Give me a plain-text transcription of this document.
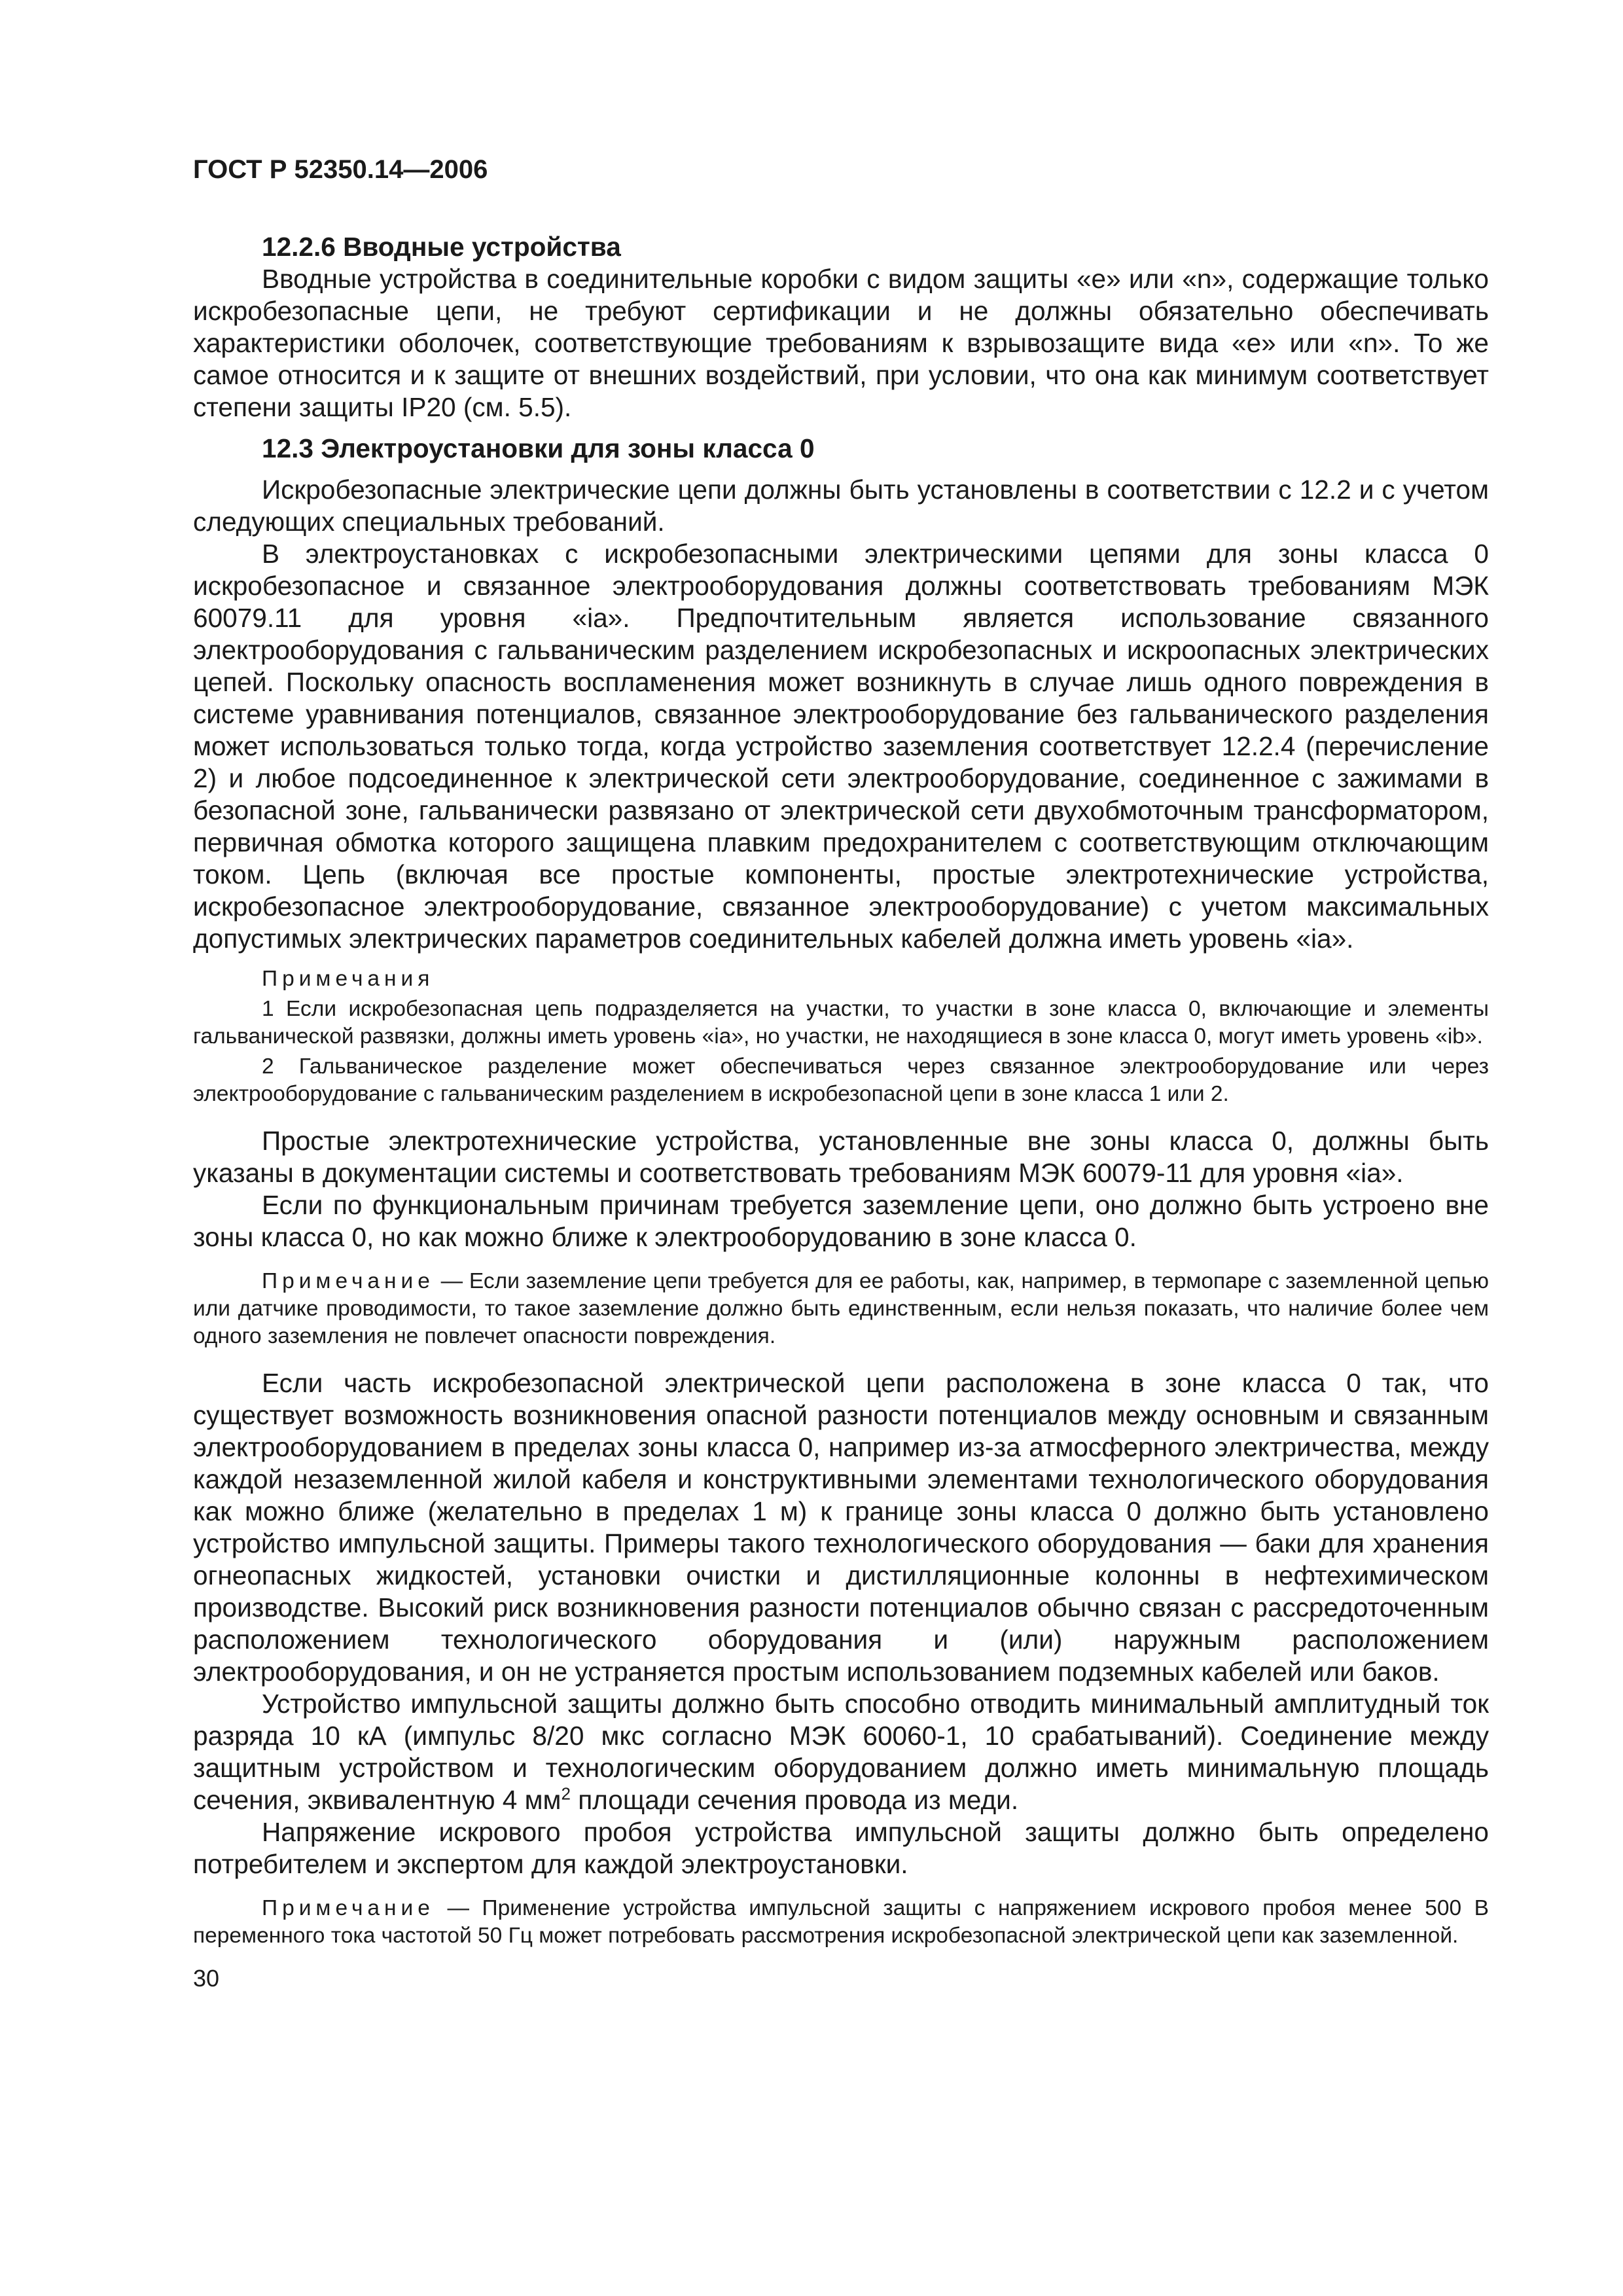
ГОСТ Р 52350.14—2006

12.2.6 Вводные устройства

Вводные устройства в соединительные коробки с видом защиты «е» или «n», содержащие только искробезопасные цепи, не требуют сертификации и не должны обязательно обеспечивать характеристики оболочек, соответствующие требованиям к взрывозащите вида «е» или «n». То же самое относится и к защите от внешних воздействий, при условии, что она как минимум соответствует степени защиты IP20 (см. 5.5).

12.3 Электроустановки для зоны класса 0

Искробезопасные электрические цепи должны быть установлены в соответствии с 12.2 и с учетом следующих специальных требований.

В электроустановках с искробезопасными электрическими цепями для зоны класса 0 искробезопасное и связанное электрооборудования должны соответствовать требованиям МЭК 60079.11 для уровня «ia». Предпочтительным является использование связанного электрооборудования с гальваническим разделением искробезопасных и искроопасных электрических цепей. Поскольку опасность воспламенения может возникнуть в случае лишь одного повреждения в системе уравнивания потенциалов, связанное электрооборудование без гальванического разделения может использоваться только тогда, когда устройство заземления соответствует 12.2.4 (перечисление 2) и любое подсоединенное к электрической сети электрооборудование, соединенное с зажимами в безопасной зоне, гальванически развязано от электрической сети двухобмоточным трансформатором, первичная обмотка которого защищена плавким предохранителем с соответствующим отключающим током. Цепь (включая все простые компоненты, простые электротехнические устройства, искробезопасное электрооборудование, связанное электрооборудование) с учетом максимальных допустимых электрических параметров соединительных кабелей должна иметь уровень «ia».

Примечания

1 Если искробезопасная цепь подразделяется на участки, то участки в зоне класса 0, включающие и элементы гальванической развязки, должны иметь уровень «ia», но участки, не находящиеся в зоне класса 0, могут иметь уровень «ib».

2 Гальваническое разделение может обеспечиваться через связанное электрооборудование или через электрооборудование с гальваническим разделением в искробезопасной цепи в зоне класса 1 или 2.

Простые электротехнические устройства, установленные вне зоны класса 0, должны быть указаны в документации системы и соответствовать требованиям МЭК 60079-11 для уровня «ia».

Если по функциональным причинам требуется заземление цепи, оно должно быть устроено вне зоны класса 0, но как можно ближе к электрооборудованию в зоне класса 0.

Примечание — Если заземление цепи требуется для ее работы, как, например, в термопаре с заземленной цепью или датчике проводимости, то такое заземление должно быть единственным, если нельзя показать, что наличие более чем одного заземления не повлечет опасности повреждения.

Если часть искробезопасной электрической цепи расположена в зоне класса 0 так, что существует возможность возникновения опасной разности потенциалов между основным и связанным электрооборудованием в пределах зоны класса 0, например из-за атмосферного электричества, между каждой незаземленной жилой кабеля и конструктивными элементами технологического оборудования как можно ближе (желательно в пределах 1 м) к границе зоны класса 0 должно быть установлено устройство импульсной защиты. Примеры такого технологического оборудования — баки для хранения огнеопасных жидкостей, установки очистки и дистилляционные колонны в нефтехимическом производстве. Высокий риск возникновения разности потенциалов обычно связан с рассредоточенным расположением технологического оборудования и (или) наружным расположением электрооборудования, и он не устраняется простым использованием подземных кабелей или баков.

Устройство импульсной защиты должно быть способно отводить минимальный амплитудный ток разряда 10 кА (импульс 8/20 мкс согласно МЭК 60060-1, 10 срабатываний). Соединение между защитным устройством и технологическим оборудованием должно иметь минимальную площадь сечения, эквивалентную 4 $мм^2$ площади сечения провода из меди.

Напряжение искрового пробоя устройства импульсной защиты должно быть определено потребителем и экспертом для каждой электроустановки.

Примечание — Применение устройства импульсной защиты с напряжением искрового пробоя менее 500 В переменного тока частотой 50 Гц может потребовать рассмотрения искробезопасной электрической цепи как заземленной.

30
